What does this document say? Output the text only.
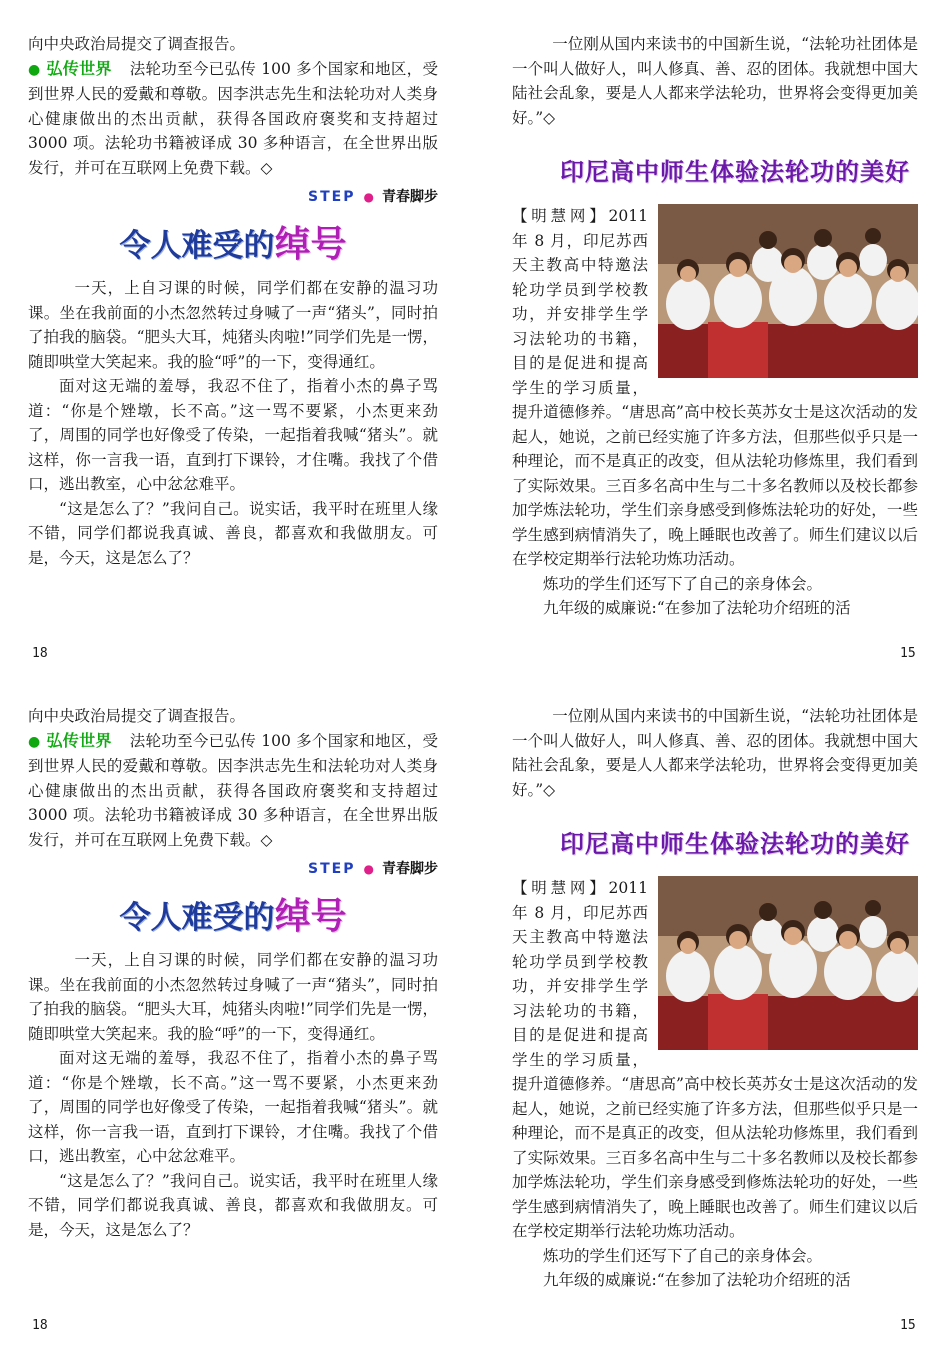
向中央政治局提交了调查报告。

● 弘传世界 法轮功至今已弘传 100 多个国家和地区，受到世界人民的爱戴和尊敬。因李洪志先生和法轮功对人类身心健康做出的杰出贡献，获得各国政府褒奖和支持超过 3000 项。法轮功书籍被译成 30 多种语言，在全世界出版发行，并可在互联网上免费下载。◇

STEP ● 青春脚步
令人难受的绰号

一天，上自习课的时候，同学们都在安静的温习功课。坐在我前面的小杰忽然转过身喊了一声“猪头”，同时拍了拍我的脑袋。“肥头大耳，炖猪头肉啦!”同学们先是一愣，随即哄堂大笑起来。我的脸“呼”的一下，变得通红。

面对这无端的羞辱，我忍不住了，指着小杰的鼻子骂道：“你是个矬墩，长不高。”这一骂不要紧，小杰更来劲了，周围的同学也好像受了传染，一起指着我喊“猪头”。就这样，你一言我一语，直到打下课铃，才住嘴。我找了个借口，逃出教室，心中忿忿难平。

“这是怎么了？”我问自己。说实话，我平时在班里人缘不错，同学们都说我真诚、善良，都喜欢和我做朋友。可是，今天，这是怎么了？

一位刚从国内来读书的中国新生说，“法轮功社团体是一个叫人做好人，叫人修真、善、忍的团体。我就想中国大陆社会乱象，要是人人都来学法轮功，世界将会变得更加美好。”◇

印尼高中师生体验法轮功的美好

【明慧网】2011 年 8 月，印尼苏西天主教高中特邀法轮功学员到学校教功，并安排学生学习法轮功的书籍，目的是促进和提高学生的学习质量，提升道德修养。“唐思高”高中校长英苏女士是这次活动的发起人，她说，之前已经实施了许多方法，但那些似乎只是一种理论，而不是真正的改变，但从法轮功修炼里，我们看到了实际效果。三百多名高中生与二十多名教师以及校长都参加学炼法轮功，学生们亲身感受到修炼法轮功的好处，一些学生感到病情消失了，晚上睡眠也改善了。师生们建议以后在学校定期举行法轮功炼功活动。

炼功的学生们还写下了自己的亲身体会。

九年级的威廉说:“在参加了法轮功介绍班的活

18	15

向中央政治局提交了调查报告。

● 弘传世界 法轮功至今已弘传 100 多个国家和地区，受到世界人民的爱戴和尊敬。因李洪志先生和法轮功对人类身心健康做出的杰出贡献，获得各国政府褒奖和支持超过 3000 项。法轮功书籍被译成 30 多种语言，在全世界出版发行，并可在互联网上免费下载。◇

STEP ● 青春脚步
令人难受的绰号

一天，上自习课的时候，同学们都在安静的温习功课。坐在我前面的小杰忽然转过身喊了一声“猪头”，同时拍了拍我的脑袋。“肥头大耳，炖猪头肉啦!”同学们先是一愣，随即哄堂大笑起来。我的脸“呼”的一下，变得通红。

面对这无端的羞辱，我忍不住了，指着小杰的鼻子骂道：“你是个矬墩，长不高。”这一骂不要紧，小杰更来劲了，周围的同学也好像受了传染，一起指着我喊“猪头”。就这样，你一言我一语，直到打下课铃，才住嘴。我找了个借口，逃出教室，心中忿忿难平。

“这是怎么了？”我问自己。说实话，我平时在班里人缘不错，同学们都说我真诚、善良，都喜欢和我做朋友。可是，今天，这是怎么了？

一位刚从国内来读书的中国新生说，“法轮功社团体是一个叫人做好人，叫人修真、善、忍的团体。我就想中国大陆社会乱象，要是人人都来学法轮功，世界将会变得更加美好。”◇

印尼高中师生体验法轮功的美好

【明慧网】2011 年 8 月，印尼苏西天主教高中特邀法轮功学员到学校教功，并安排学生学习法轮功的书籍，目的是促进和提高学生的学习质量，提升道德修养。“唐思高”高中校长英苏女士是这次活动的发起人，她说，之前已经实施了许多方法，但那些似乎只是一种理论，而不是真正的改变，但从法轮功修炼里，我们看到了实际效果。三百多名高中生与二十多名教师以及校长都参加学炼法轮功，学生们亲身感受到修炼法轮功的好处，一些学生感到病情消失了，晚上睡眠也改善了。师生们建议以后在学校定期举行法轮功炼功活动。

炼功的学生们还写下了自己的亲身体会。

九年级的威廉说:“在参加了法轮功介绍班的活

18	15
